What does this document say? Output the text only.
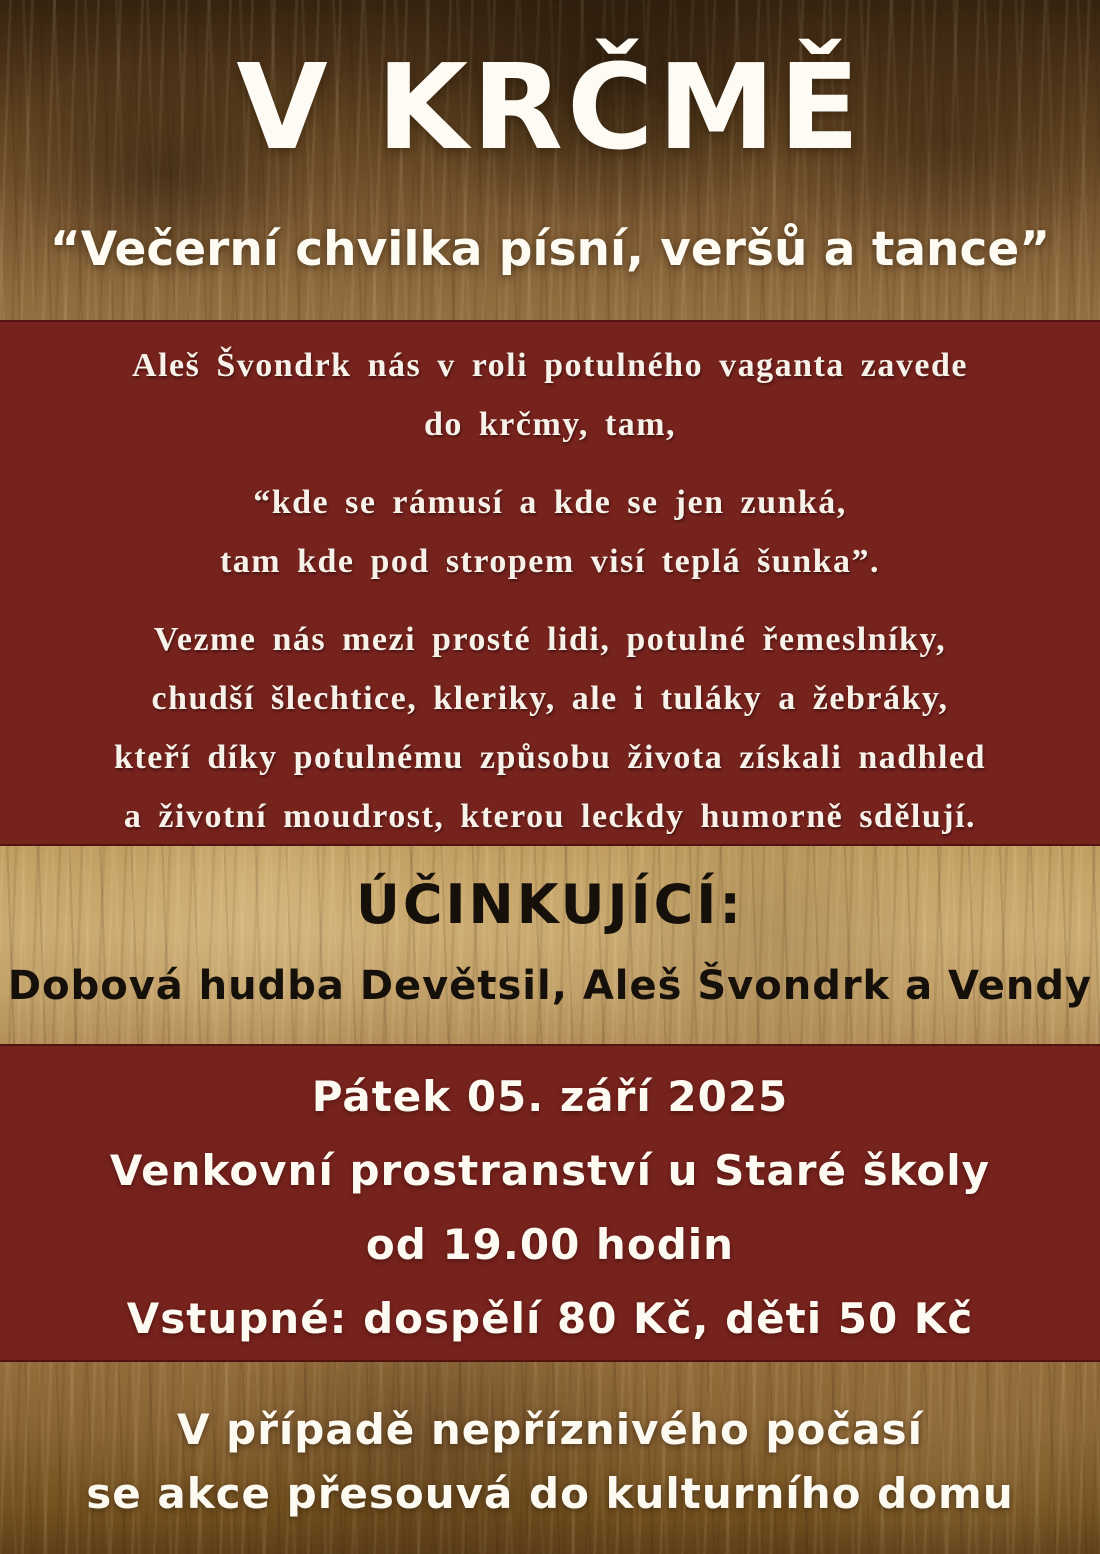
V KRČMĚ
“Večerní chvilka písní, veršů a tance”

Aleš Švondrk nás v roli potulného vaganta zavede
do krčmy, tam,

“kde se rámusí a kde se jen zunká,
tam kde pod stropem visí teplá šunka”.

Vezme nás mezi prosté lidi, potulné řemeslníky,
chudší šlechtice, kleriky, ale i tuláky a žebráky,
kteří díky potulnému způsobu života získali nadhled
a životní moudrost, kterou leckdy humorně sdělují.

ÚČINKUJÍCÍ:
Dobová hudba Devětsil, Aleš Švondrk a Vendy
Pátek 05. září 2025
Venkovní prostranství u Staré školy
od 19.00 hodin
Vstupné: dospělí 80 Kč, děti 50 Kč
V případě nepříznivého počasí
se akce přesouvá do kulturního domu
